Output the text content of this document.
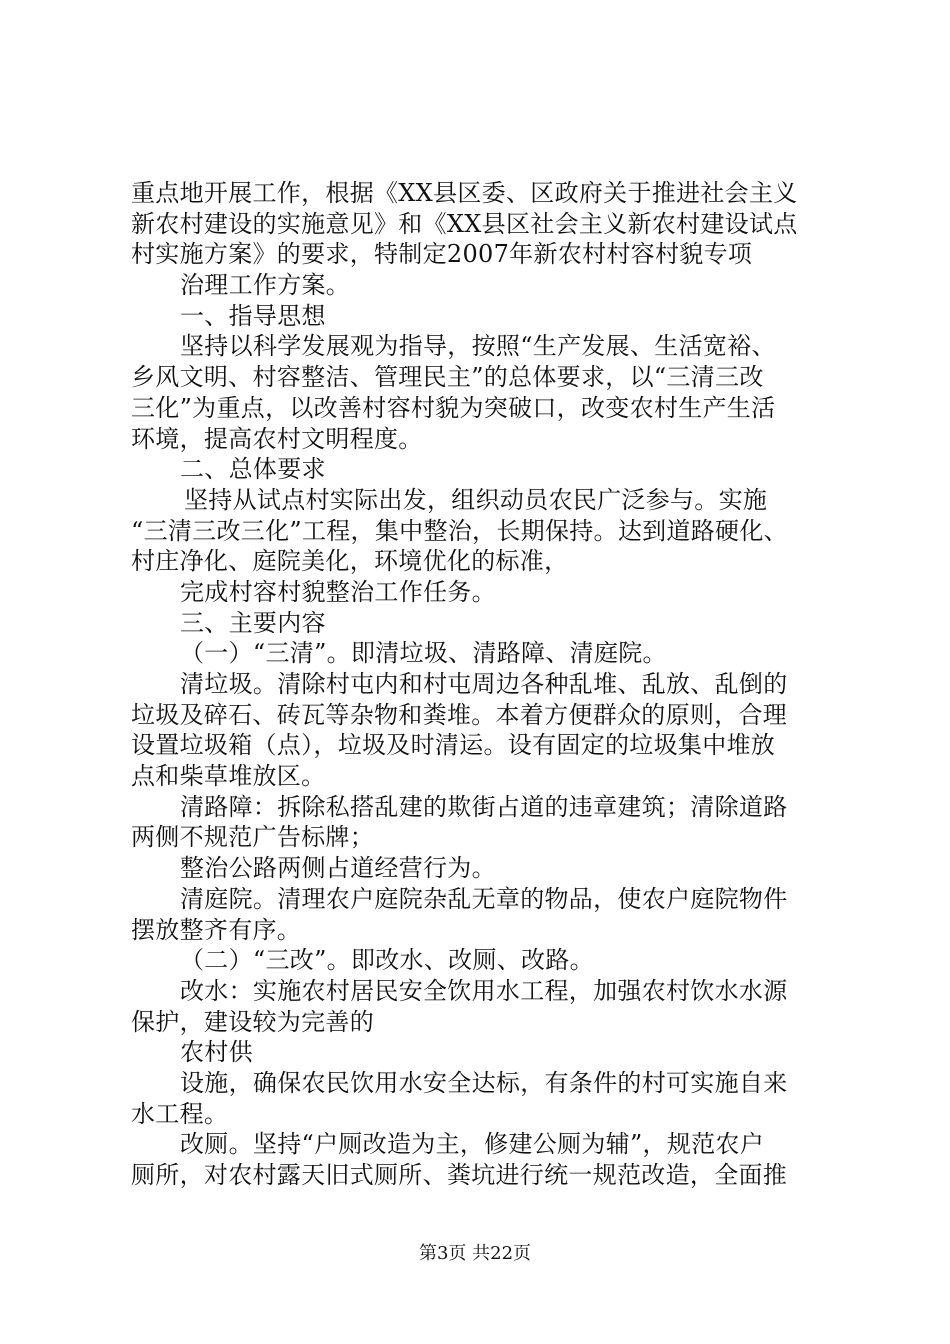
重点地开展工作，根据《XX县区委、区政府关于推进社会主义
新农村建设的实施意见》和《XX县区社会主义新农村建设试点
村实施方案》的要求，特制定2007年新农村村容村貌专项
治理工作方案。
一、指导思想
坚持以科学发展观为指导，按照“生产发展、生活宽裕、
乡风文明、村容整洁、管理民主”的总体要求，以“三清三改
三化”为重点，以改善村容村貌为突破口，改变农村生产生活
环境，提高农村文明程度。
二、总体要求
坚持从试点村实际出发，组织动员农民广泛参与。实施
“三清三改三化”工程，集中整治，长期保持。达到道路硬化、
村庄净化、庭院美化，环境优化的标准，
完成村容村貌整治工作任务。
三、主要内容
（一）“三清”。即清垃圾、清路障、清庭院。
清垃圾。清除村屯内和村屯周边各种乱堆、乱放、乱倒的
垃圾及碎石、砖瓦等杂物和粪堆。本着方便群众的原则，合理
设置垃圾箱（点），垃圾及时清运。设有固定的垃圾集中堆放
点和柴草堆放区。
清路障：拆除私搭乱建的欺街占道的违章建筑；清除道路
两侧不规范广告标牌；
整治公路两侧占道经营行为。
清庭院。清理农户庭院杂乱无章的物品，使农户庭院物件
摆放整齐有序。
（二）“三改”。即改水、改厕、改路。
改水：实施农村居民安全饮用水工程，加强农村饮水水源
保护，建设较为完善的
农村供
设施，确保农民饮用水安全达标，有条件的村可实施自来
水工程。
改厕。坚持“户厕改造为主，修建公厕为辅”，规范农户
厕所，对农村露天旧式厕所、粪坑进行统一规范改造，全面推
第3页 共22页
